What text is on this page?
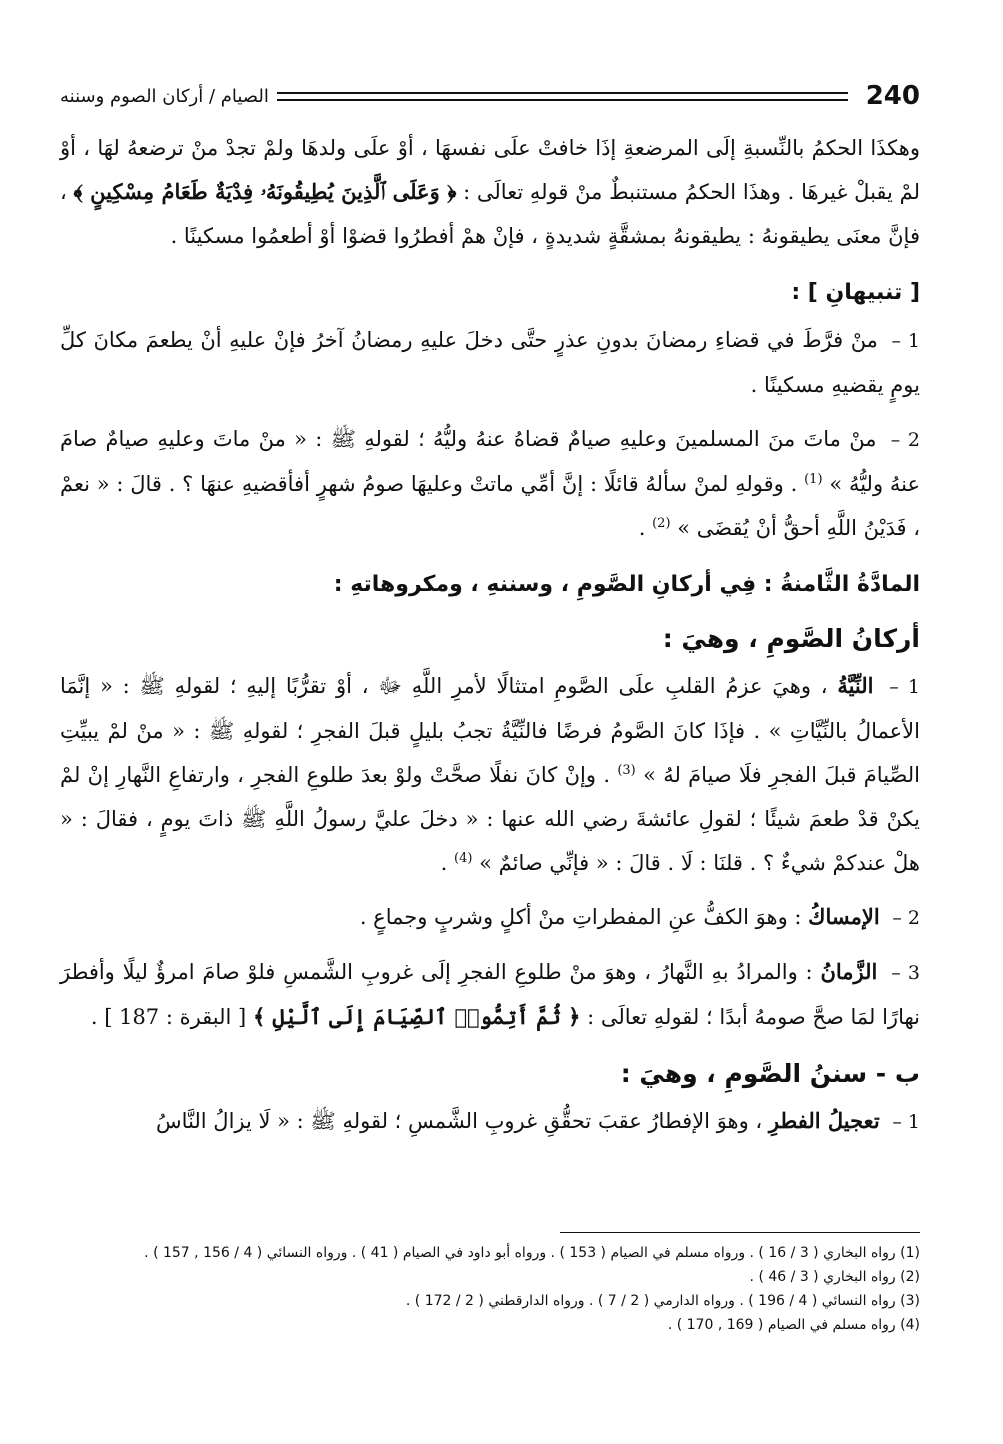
240
الصيام / أركان الصوم وسننه

وهكذَا الحكمُ بالنِّسبةِ إلَى المرضعةِ إذَا خافتْ علَى نفسهَا ، أوْ علَى ولدهَا ولمْ تجدْ منْ ترضعهُ لهَا ، أوْ لمْ يقبلْ غيرهَا . وهذَا الحكمُ مستنبطٌ منْ قولهِ تعالَى : ﴿ وَعَلَى ٱلَّذِينَ يُطِيقُونَهُۥ فِدْيَةٌ طَعَامُ مِسْكِينٍ ﴾ ، فإنَّ معنَى يطيقونهُ : يطيقونهُ بمشقَّةٍ شديدةٍ ، فإنْ همْ أفطرُوا قضوْا أوْ أطعمُوا مسكينًا .

[ تنبيهانِ ] :

1 – منْ فرَّطَ في قضاءِ رمضانَ بدونِ عذرٍ حتَّى دخلَ عليهِ رمضانُ آخرُ فإنْ عليهِ أنْ يطعمَ مكانَ كلِّ يومٍ يقضيهِ مسكينًا .

2 – منْ ماتَ منَ المسلمينَ وعليهِ صيامٌ قضاهُ عنهُ وليُّهُ ؛ لقولهِ ﷺ : « منْ ماتَ وعليهِ صيامٌ صامَ عنهُ وليُّهُ » $^{(1)}$ . وقولهِ لمنْ سألهُ قائلًا : إنَّ أمِّي ماتتْ وعليهَا صومُ شهرٍ أفأقضيهِ عنهَا ؟ . قالَ : « نعمْ ، فَدَيْنُ اللَّهِ أحقُّ أنْ يُقضَى » $^{(2)}$ .

المادَّةُ الثَّامنةُ : فِي أركانِ الصَّومِ ، وسننهِ ، ومكروهاتهِ :
أركانُ الصَّومِ ، وهيَ :

1 – النِّيَّةُ ، وهيَ عزمُ القلبِ علَى الصَّومِ امتثالًا لأمرِ اللَّهِ ﷻ ، أوْ تقرُّبًا إليهِ ؛ لقولهِ ﷺ : « إنَّمَا الأعمالُ بالنِّيَّاتِ » . فإذَا كانَ الصَّومُ فرضًا فالنِّيَّةُ تجبُ بليلٍ قبلَ الفجرِ ؛ لقولهِ ﷺ : « منْ لمْ يبيِّتِ الصِّيامَ قبلَ الفجرِ فلَا صيامَ لهُ » $^{(3)}$ . وإنْ كانَ نفلًا صحَّتْ ولوْ بعدَ طلوعِ الفجرِ ، وارتفاعِ النَّهارِ إنْ لمْ يكنْ قدْ طعمَ شيئًا ؛ لقولِ عائشةَ رضي الله عنها : « دخلَ عليَّ رسولُ اللَّهِ ﷺ ذاتَ يومٍ ، فقالَ : « هلْ عندكمْ شيءٌ ؟ . قلنَا : لَا . قالَ : « فإنِّي صائمٌ » $^{(4)}$ .

2 – الإمساكُ : وهوَ الكفُّ عنِ المفطراتِ منْ أكلٍ وشربٍ وجماعٍ .

3 – الزَّمانُ : والمرادُ بهِ النَّهارُ ، وهوَ منْ طلوعِ الفجرِ إلَى غروبِ الشَّمسِ فلوْ صامَ امرؤٌ ليلًا وأفطرَ نهارًا لمَا صحَّ صومهُ أبدًا ؛ لقولهِ تعالَى : ﴿ ثُمَّ أَتِمُّوا۟ ٱلصِّيَامَ إِلَى ٱلَّيْلِ ﴾ [ البقرة : 187 ] .

ب - سننُ الصَّومِ ، وهيَ :

1 – تعجيلُ الفطرِ ، وهوَ الإفطارُ عقبَ تحقُّقِ غروبِ الشَّمسِ ؛ لقولهِ ﷺ : « لَا يزالُ النَّاسُ

(1) رواه البخاري ( 3 / 16 ) . ورواه مسلم في الصيام ( 153 ) . ورواه أبو داود في الصيام ( 41 ) . ورواه النسائي ( 4 / 156 , 157 ) .
(2) رواه البخاري ( 3 / 46 ) .
(3) رواه النسائي ( 4 / 196 ) . ورواه الدارمي ( 2 / 7 ) . ورواه الدارقطني ( 2 / 172 ) .
(4) رواه مسلم في الصيام ( 169 , 170 ) .
